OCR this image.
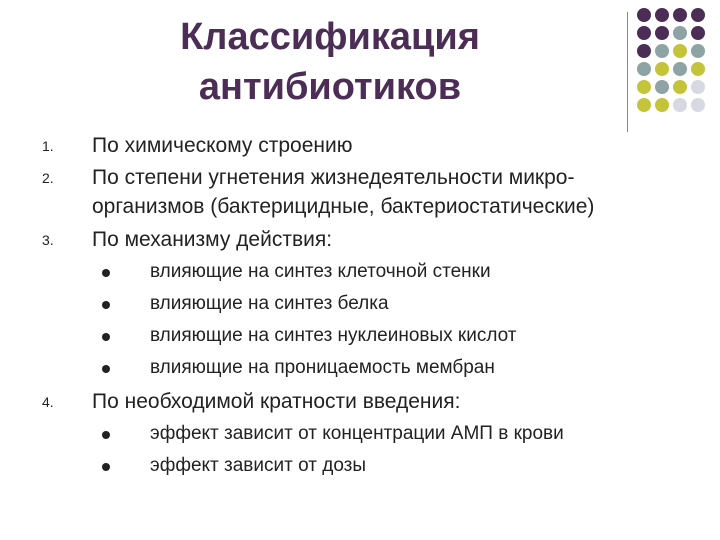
Классификация
антибиотиков
1.	По химическому строению
2.	По степени угнетения жизнедеятельности микро-
организмов (бактерицидные, бактериостатические)
3.	По механизму действия:
влияющие на синтез клеточной стенки
влияющие на синтез белка
влияющие на синтез нуклеиновых кислот
влияющие на проницаемость мембран
4.	По необходимой кратности введения:
эффект зависит от концентрации АМП в крови
эффект зависит от дозы
